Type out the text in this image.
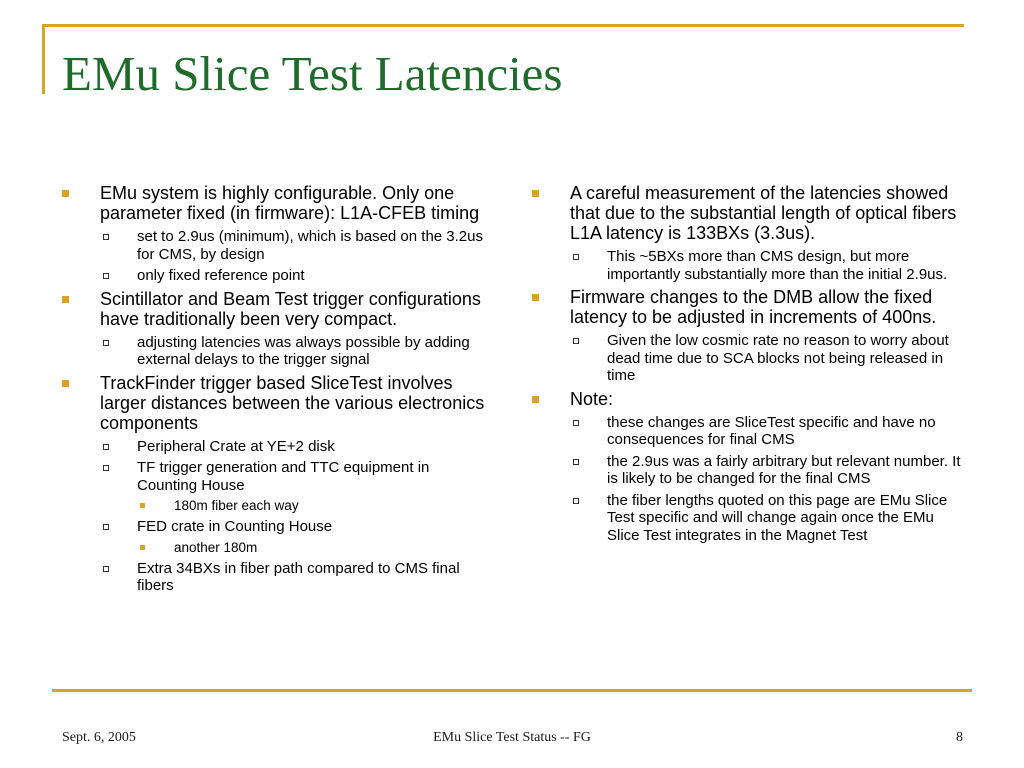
EMu Slice Test Latencies
EMu system is highly configurable. Only one parameter fixed (in firmware): L1A-CFEB timing
set to 2.9us (minimum), which is based on the 3.2us for CMS, by design
only fixed reference point
Scintillator and Beam Test trigger configurations have traditionally been very compact.
adjusting latencies was always possible by adding external delays to the trigger signal
TrackFinder trigger based SliceTest involves larger distances between the various electronics components
Peripheral Crate at YE+2 disk
TF trigger generation and TTC equipment in Counting House
180m fiber each way
FED crate in Counting House
another 180m
Extra 34BXs in fiber path compared to CMS final fibers
A careful measurement of the latencies showed that due to the substantial length of optical fibers L1A latency is 133BXs (3.3us).
This ~5BXs more than CMS design, but more importantly substantially more than the initial 2.9us.
Firmware changes to the DMB allow the fixed latency to be adjusted in increments of 400ns.
Given the low cosmic rate no reason to worry about dead time due to SCA blocks not being released in time
Note:
these changes are SliceTest specific and have no consequences for final CMS
the 2.9us was a fairly arbitrary but relevant number. It is likely to be changed for the final CMS
the fiber lengths quoted on this page are EMu Slice Test specific and will change again once the EMu Slice Test integrates in the Magnet Test
Sept. 6, 2005	EMu Slice Test Status -- FG	8
